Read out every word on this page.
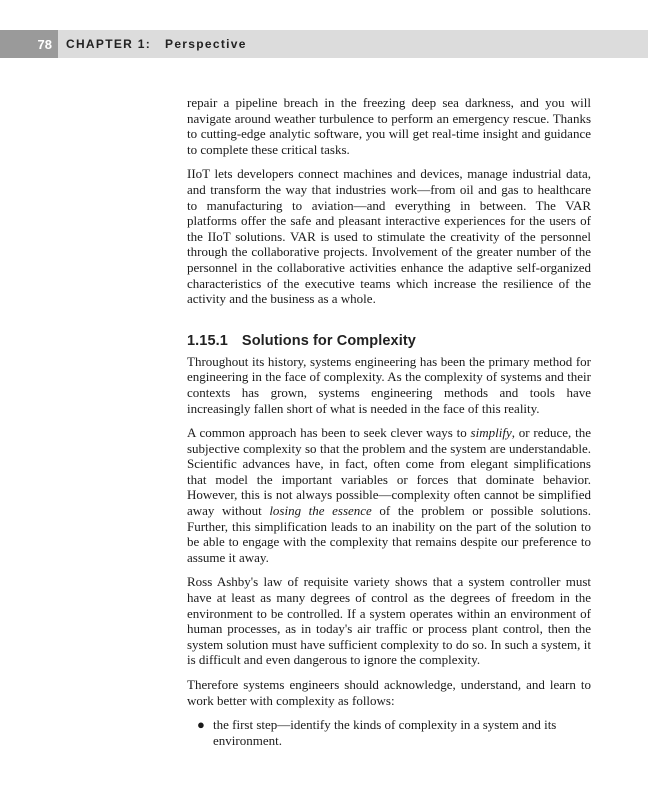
78	CHAPTER 1: Perspective

repair a pipeline breach in the freezing deep sea darkness, and you will navigate around weather turbulence to perform an emergency rescue. Thanks to cutting-edge analytic software, you will get real-time insight and guidance to complete these critical tasks.

IIoT lets developers connect machines and devices, manage industrial data, and transform the way that industries work—from oil and gas to healthcare to manufacturing to aviation—and everything in between. The VAR platforms offer the safe and pleasant interactive experiences for the users of the IIoT solutions. VAR is used to stimulate the creativity of the personnel through the collaborative projects. Involvement of the greater number of the personnel in the collaborative activities enhance the adaptive self-organized characteristics of the executive teams which increase the resilience of the activity and the business as a whole.

1.15.1 Solutions for Complexity

Throughout its history, systems engineering has been the primary method for engineering in the face of complexity. As the complexity of systems and their contexts has grown, systems engineering methods and tools have increasingly fallen short of what is needed in the face of this reality.

A common approach has been to seek clever ways to simplify, or reduce, the subjective complexity so that the problem and the system are understandable. Scientific advances have, in fact, often come from elegant simplifications that model the important variables or forces that dominate behavior. However, this is not always possible—complexity often cannot be simplified away without losing the essence of the problem or possible solutions. Further, this simplification leads to an inability on the part of the solution to be able to engage with the complexity that remains despite our preference to assume it away.

Ross Ashby's law of requisite variety shows that a system controller must have at least as many degrees of control as the degrees of freedom in the environment to be controlled. If a system operates within an environment of human processes, as in today's air traffic or process plant control, then the system solution must have sufficient complexity to do so. In such a system, it is difficult and even dangerous to ignore the complexity.

Therefore systems engineers should acknowledge, understand, and learn to work better with complexity as follows:

● the first step—identify the kinds of complexity in a system and its environment.
